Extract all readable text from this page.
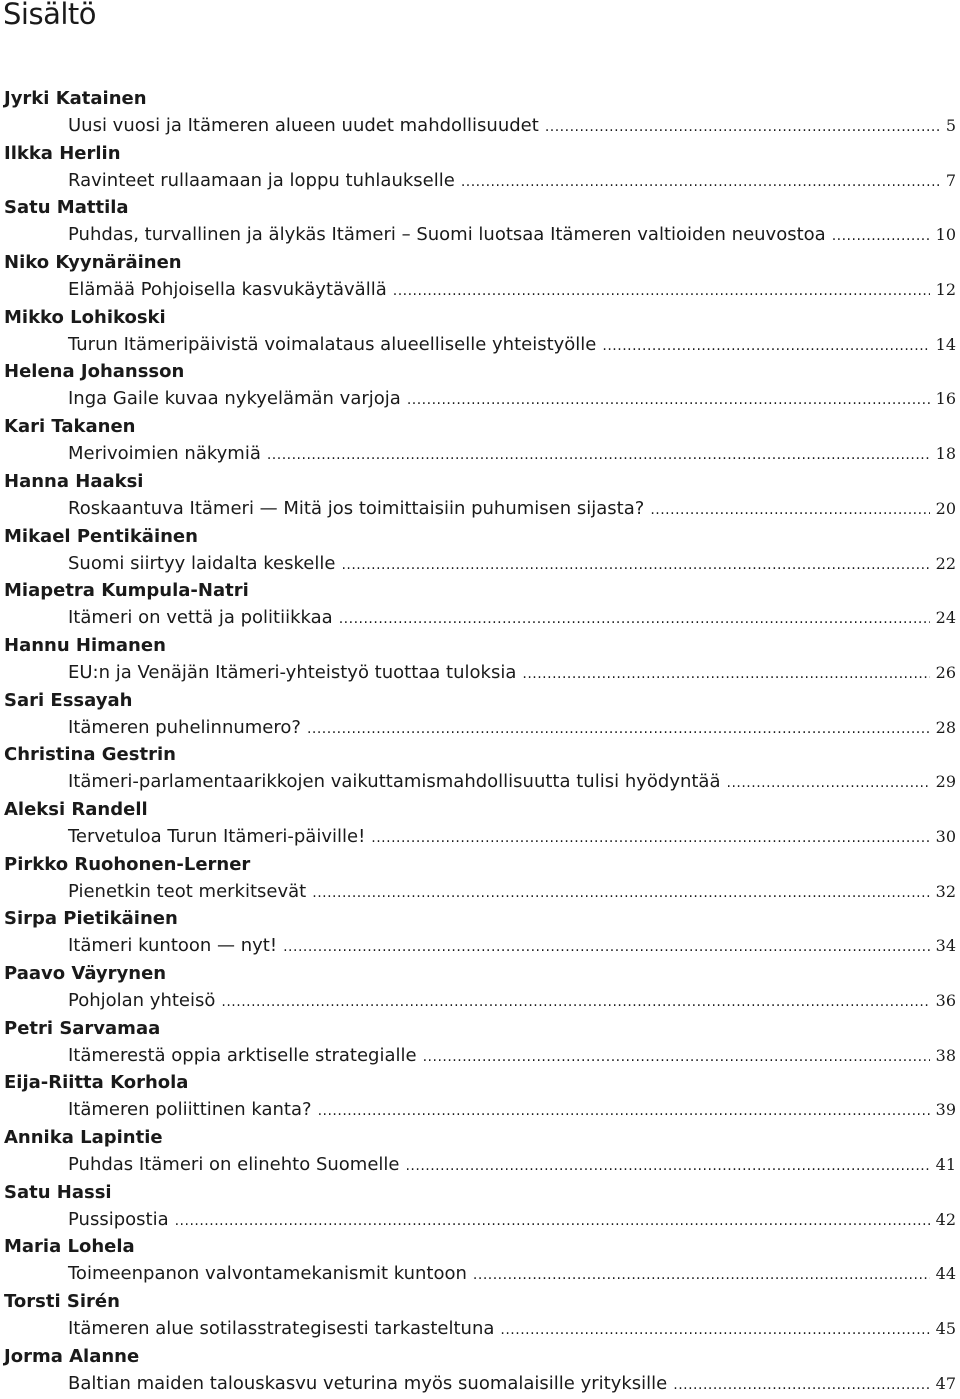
Sisältö
Jyrki Katainen
Uusi vuosi ja Itämeren alueen uudet mahdollisuudet .....	5
Ilkka Herlin
Ravinteet rullaamaan ja loppu tuhlaukselle .....	7
Satu Mattila
Puhdas, turvallinen ja älykäs Itämeri – Suomi luotsaa Itämeren valtioiden neuvostoa .....	10
Niko Kyynäräinen
Elämää Pohjoisella kasvukäytävällä .....	12
Mikko Lohikoski
Turun Itämeripäivistä voimalataus alueelliselle yhteistyölle .....	14
Helena Johansson
Inga Gaile kuvaa nykyelämän varjoja .....	16
Kari Takanen
Merivoimien näkymiä .....	18
Hanna Haaksi
Roskaantuva Itämeri — Mitä jos toimittaisiin puhumisen sijasta? .....	20
Mikael Pentikäinen
Suomi siirtyy laidalta keskelle .....	22
Miapetra Kumpula-Natri
Itämeri on vettä ja politiikkaa .....	24
Hannu Himanen
EU:n ja Venäjän Itämeri-yhteistyö tuottaa tuloksia .....	26
Sari Essayah
Itämeren puhelinnumero? .....	28
Christina Gestrin
Itämeri-parlamentaarikkojen vaikuttamismahdollisuutta tulisi hyödyntää .....	29
Aleksi Randell
Tervetuloa Turun Itämeri-päiville! .....	30
Pirkko Ruohonen-Lerner
Pienetkin teot merkitsevät .....	32
Sirpa Pietikäinen
Itämeri kuntoon — nyt! .....	34
Paavo Väyrynen
Pohjolan yhteisö .....	36
Petri Sarvamaa
Itämerestä oppia arktiselle strategialle .....	38
Eija-Riitta Korhola
Itämeren poliittinen kanta? .....	39
Annika Lapintie
Puhdas Itämeri on elinehto Suomelle .....	41
Satu Hassi
Pussipostia .....	42
Maria Lohela
Toimeenpanon valvontamekanismit kuntoon .....	44
Torsti Sirén
Itämeren alue sotilasstrategisesti tarkasteltuna .....	45
Jorma Alanne
Baltian maiden talouskasvu veturina myös suomalaisille yrityksille .....	47
